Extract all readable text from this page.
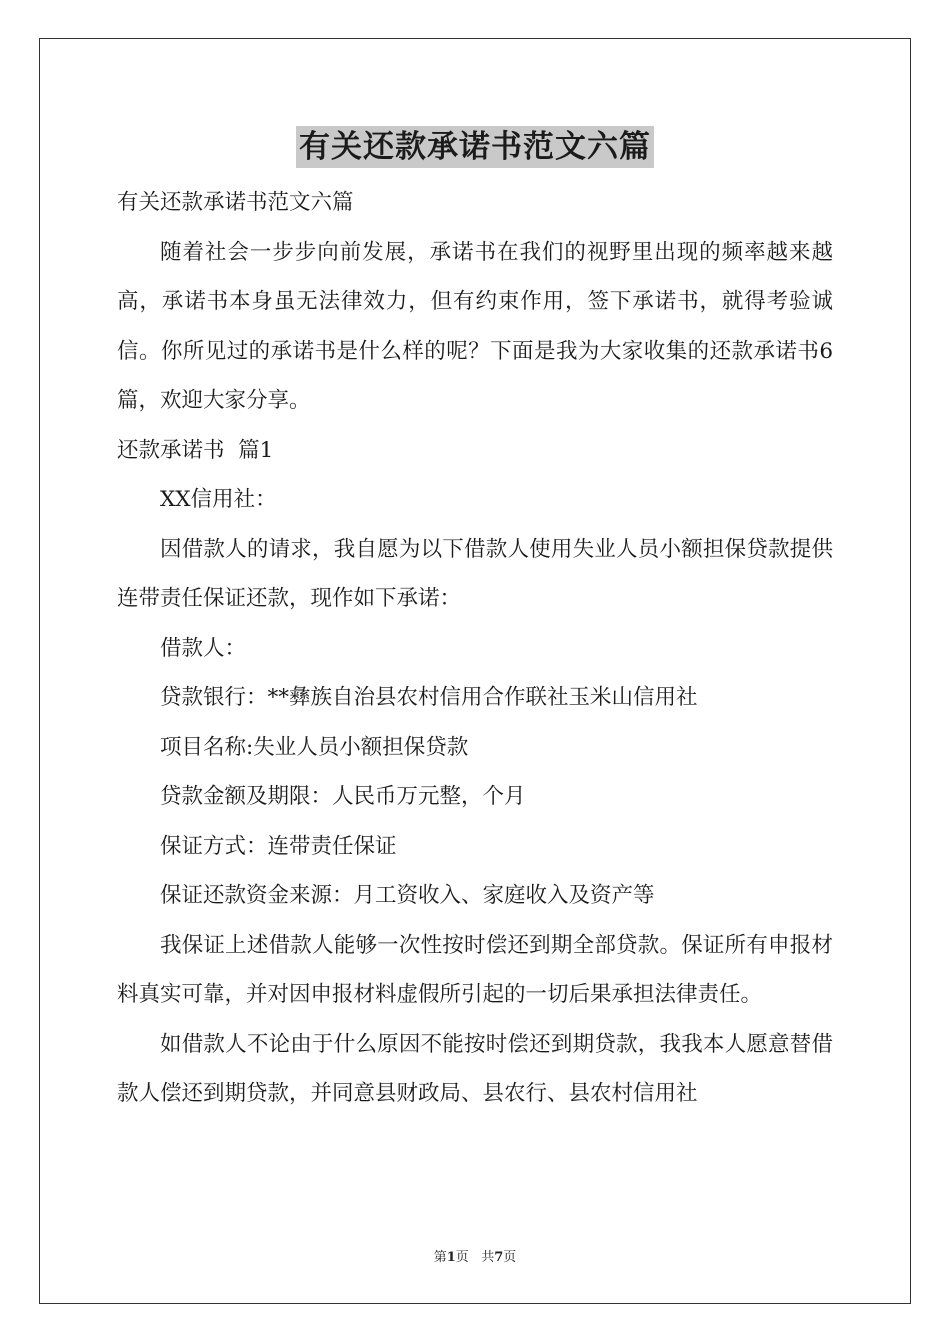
有关还款承诺书范文六篇

有关还款承诺书范文六篇

随着社会一步步向前发展，承诺书在我们的视野里出现的频率越来越高，承诺书本身虽无法律效力，但有约束作用，签下承诺书，就得考验诚信。你所见过的承诺书是什么样的呢？下面是我为大家收集的还款承诺书6篇，欢迎大家分享。

还款承诺书  篇1

XX信用社：

因借款人的请求，我自愿为以下借款人使用失业人员小额担保贷款提供连带责任保证还款，现作如下承诺：

借款人：

贷款银行：**彝族自治县农村信用合作联社玉米山信用社

项目名称:失业人员小额担保贷款

贷款金额及期限：人民币万元整，个月

保证方式：连带责任保证

保证还款资金来源：月工资收入、家庭收入及资产等

我保证上述借款人能够一次性按时偿还到期全部贷款。保证所有申报材料真实可靠，并对因申报材料虚假所引起的一切后果承担法律责任。

如借款人不论由于什么原因不能按时偿还到期贷款，我我本人愿意替借款人偿还到期贷款，并同意县财政局、县农行、县农村信用社

第1页 共7页
